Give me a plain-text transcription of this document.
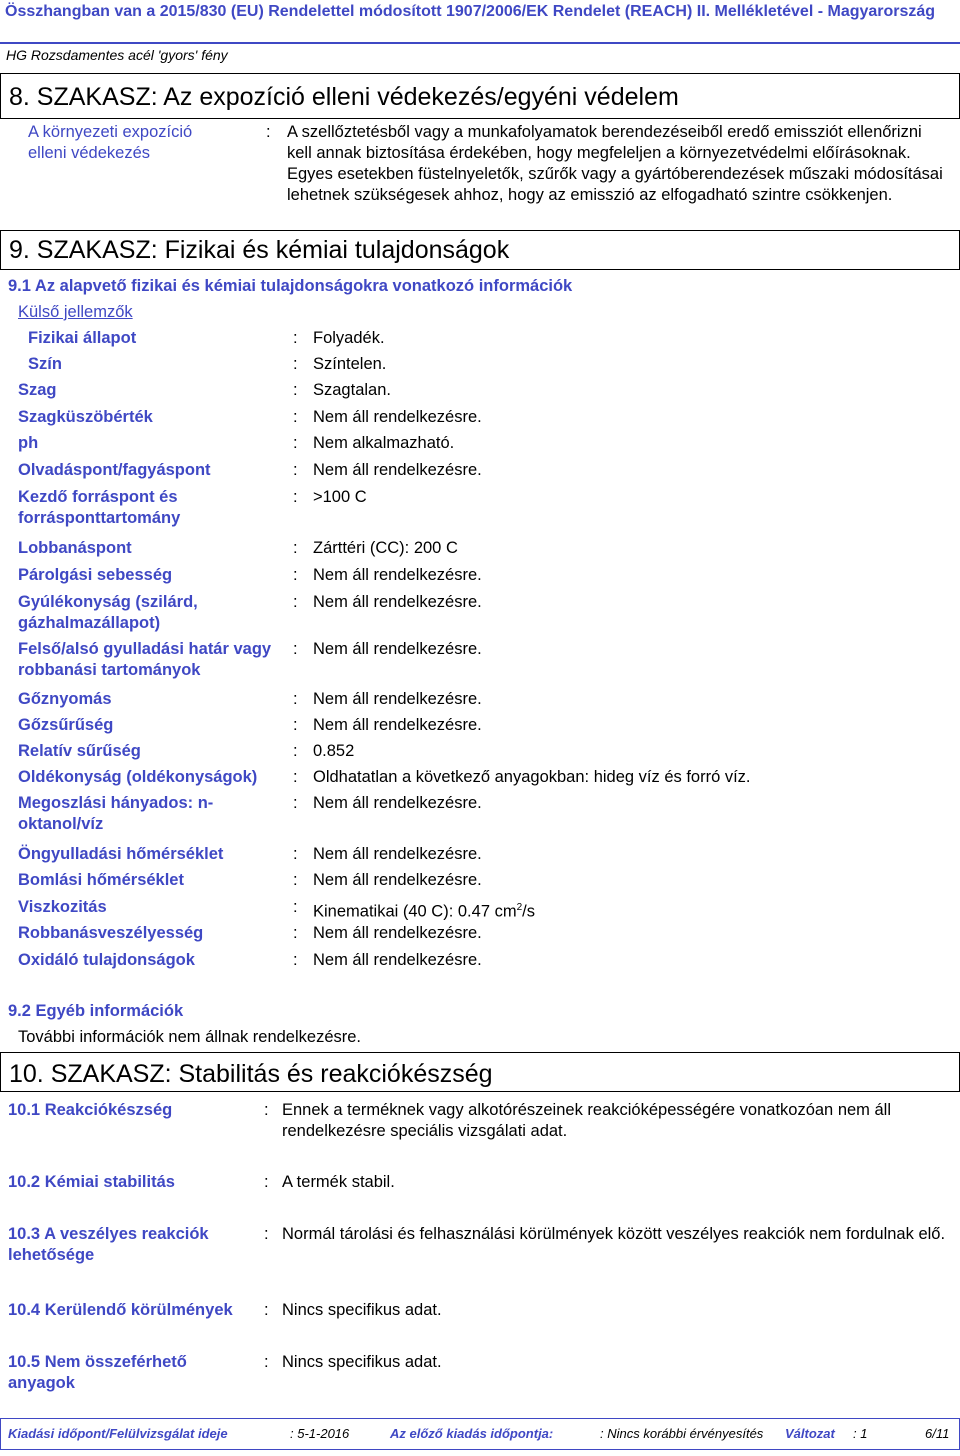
Összhangban van a 2015/830 (EU) Rendelettel módosított 1907/2006/EK Rendelet (REACH) II. Mellékletével - Magyarország
HG Rozsdamentes acél 'gyors' fény
8. SZAKASZ: Az expozíció elleni védekezés/egyéni védelem
A környezeti expozíció elleni védekezés
: A szellőztetésből vagy a munkafolyamatok berendezéseiből eredő emissziót ellenőrizni kell annak biztosítása érdekében, hogy megfeleljen a környezetvédelmi előírásoknak. Egyes esetekben füstelnyeletők, szűrők vagy a gyártóberendezések műszaki módosításai lehetnek szükségesek ahhoz, hogy az emisszió az elfogadható szintre csökkenjen.
9. SZAKASZ: Fizikai és kémiai tulajdonságok
9.1 Az alapvető fizikai és kémiai tulajdonságokra vonatkozó információk
Külső jellemzők
Fizikai állapot	: Folyadék.
Szín	: Színtelen.
Szag	: Szagtalan.
Szagküszöbérték	: Nem áll rendelkezésre.
ph	: Nem alkalmazható.
Olvadáspont/fagyáspont	: Nem áll rendelkezésre.
Kezdő forráspont és forrásponttartomány
: >100 C
Lobbanáspont	: Zárttéri (CC): 200 C
Párolgási sebesség	: Nem áll rendelkezésre.
Gyúlékonyság (szilárd, gázhalmazállapot)
: Nem áll rendelkezésre.
Felső/alsó gyulladási határ vagy robbanási tartományok
: Nem áll rendelkezésre.
Gőznyomás	: Nem áll rendelkezésre.
Gőzsűrűség	: Nem áll rendelkezésre.
Relatív sűrűség	: 0.852
Oldékonyság (oldékonyságok) : Oldhatatlan a következő anyagokban: hideg víz és forró víz.
Megoszlási hányados: n-oktanol/víz
: Nem áll rendelkezésre.
Öngyulladási hőmérséklet	: Nem áll rendelkezésre.
Bomlási hőmérséklet	: Nem áll rendelkezésre.
Viszkozitás	: Kinematikai (40 C): 0.47 $cm^2/s$
Robbanásveszélyesség	: Nem áll rendelkezésre.
Oxidáló tulajdonságok	: Nem áll rendelkezésre.
9.2 Egyéb információk
További információk nem állnak rendelkezésre.
10. SZAKASZ: Stabilitás és reakciókészség
10.1 Reakciókészség	: Ennek a terméknek vagy alkotórészeinek reakcióképességére vonatkozóan nem áll rendelkezésre speciális vizsgálati adat.
10.2 Kémiai stabilitás	: A termék stabil.
10.3 A veszélyes reakciók lehetősége
: Normál tárolási és felhasználási körülmények között veszélyes reakciók nem fordulnak elő.
10.4 Kerülendő körülmények	: Nincs specifikus adat.
10.5 Nem összeférhető anyagok
: Nincs specifikus adat.
Kiadási időpont/Felülvizsgálat ideje	: 5-1-2016	Az előző kiadás időpontja:	: Nincs korábbi érvényesítés Változat : 1	6/11
